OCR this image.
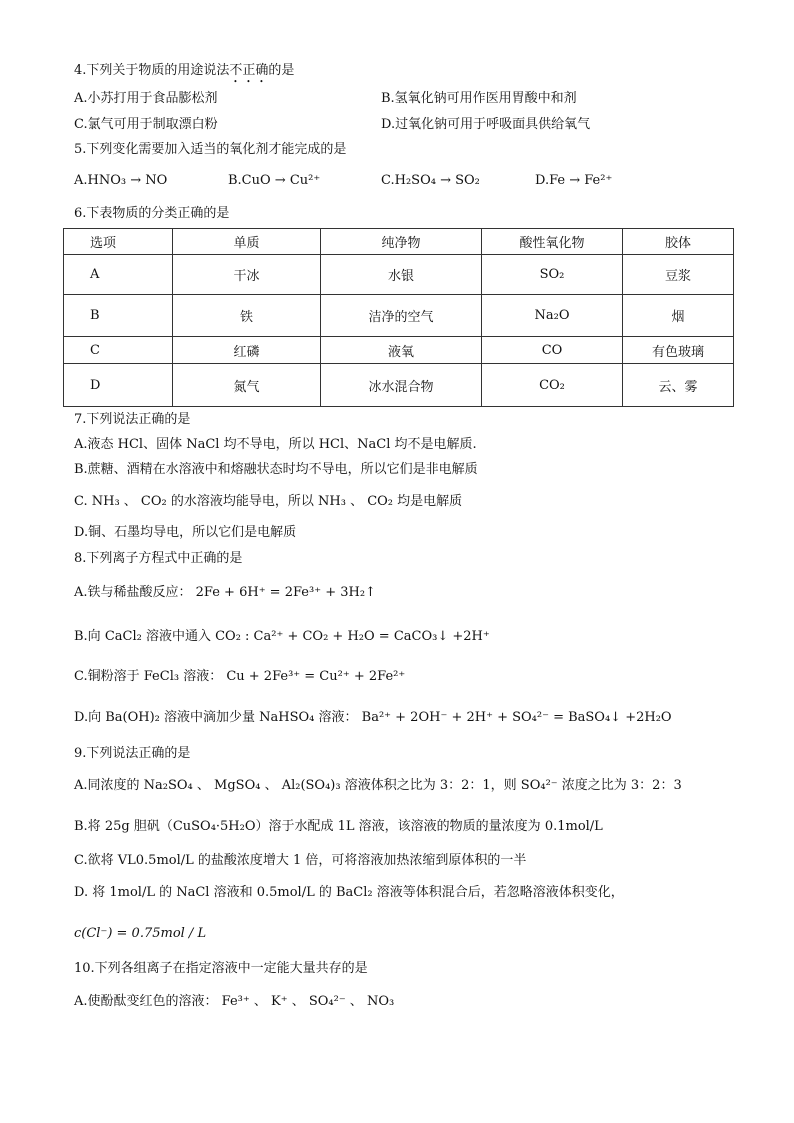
4.下列关于物质的用途说法不正确的是
A.小苏打用于食品膨松剂	B.氢氧化钠可用作医用胃酸中和剂
C.氯气可用于制取漂白粉	D.过氧化钠可用于呼吸面具供给氧气
5.下列变化需要加入适当的氧化剂才能完成的是
A.HNO₃ → NO	B.CuO → Cu²⁺	C.H₂SO₄ → SO₂	D.Fe → Fe²⁺
6.下表物质的分类正确的是
选项	单质	纯净物	酸性氧化物	胶体
A	干冰	水银	SO₂	豆浆
B	铁	洁净的空气	Na₂O	烟
C	红磷	液氧	CO	有色玻璃
D	氮气	冰水混合物	CO₂	云、雾
7.下列说法正确的是
A.液态 HCl、固体 NaCl 均不导电，所以 HCl、NaCl 均不是电解质.
B.蔗糖、酒精在水溶液中和熔融状态时均不导电，所以它们是非电解质
C. NH₃ 、 CO₂ 的水溶液均能导电，所以 NH₃ 、 CO₂ 均是电解质
D.铜、石墨均导电，所以它们是电解质
8.下列离子方程式中正确的是
A.铁与稀盐酸反应： 2Fe + 6H⁺ = 2Fe³⁺ + 3H₂↑
B.向 CaCl₂ 溶液中通入 CO₂ : Ca²⁺ + CO₂ + H₂O = CaCO₃↓ +2H⁺
C.铜粉溶于 FeCl₃ 溶液： Cu + 2Fe³⁺ = Cu²⁺ + 2Fe²⁺
D.向 Ba(OH)₂ 溶液中滴加少量 NaHSO₄ 溶液： Ba²⁺ + 2OH⁻ + 2H⁺ + SO₄²⁻ = BaSO₄↓ +2H₂O
9.下列说法正确的是
A.同浓度的 Na₂SO₄ 、 MgSO₄ 、 Al₂(SO₄)₃ 溶液体积之比为 3：2：1，则 SO₄²⁻ 浓度之比为 3：2：3
B.将 25g 胆矾（CuSO₄·5H₂O）溶于水配成 1L 溶液，该溶液的物质的量浓度为 0.1mol/L
C.欲将 VL0.5mol/L 的盐酸浓度增大 1 倍，可将溶液加热浓缩到原体积的一半
D. 将 1mol/L 的 NaCl 溶液和 0.5mol/L 的 BaCl₂ 溶液等体积混合后，若忽略溶液体积变化，
c(Cl⁻) = 0.75mol / L
10.下列各组离子在指定溶液中一定能大量共存的是
A.使酚酞变红色的溶液： Fe³⁺ 、 K⁺ 、 SO₄²⁻ 、 NO₃
